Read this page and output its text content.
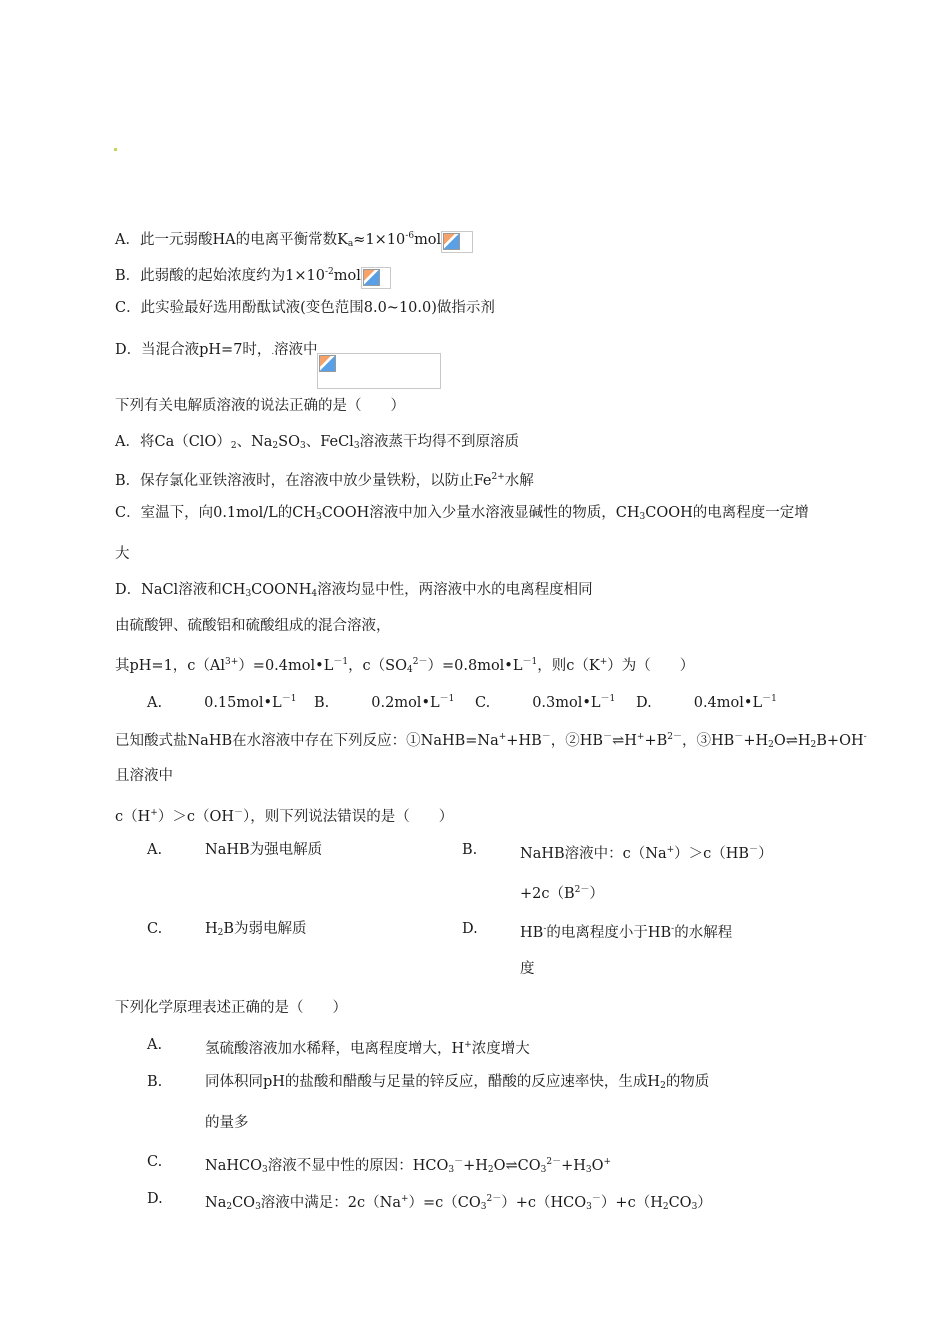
A．此一元弱酸HA的电离平衡常数$K_a\approx 1\times 10^{-6}mol$
B．此弱酸的起始浓度约为$1\times 10^{-2}mol$
C．此实验最好选用酚酞试液(变色范围8.0~10.0)做指示剂
D．当混合液pH=7时，.溶液中
下列有关电解质溶液的说法正确的是（　　）
A．将$Ca(ClO)_2$、$Na_2SO_3$、FeCl$_3$溶液蒸干均得不到原溶质
B．保存氯化亚铁溶液时，在溶液中放少量铁粉，以防止$Fe^{2+}$水解
C．室温下，向0.1mol/L的$CH_3COOH$溶液中加入少量水溶液显碱性的物质，$CH_3COOH$的电离程度一定增
大
D．NaCl溶液和$CH_3COONH_4$溶液均显中性，两溶液中水的电离程度相同
由硫酸钾、硫酸铝和硫酸组成的混合溶液，
其pH=1，$c(Al^{3+})=0.4mol•L^{-1}$，$c(SO_4^{2-})=0.8mol•L^{-1}$，则c（K+）为（　　）
A.	$0.15mol•L^{-1}$ B.	$0.2mol•L^{-1}$ C.	$0.3mol•L^{-1}$ D.	$0.4mol•L^{-1}$
已知酸式盐NaHB在水溶液中存在下列反应：①NaHB=Na++HB－，$②HB^-\rightleftharpoons H^++B^{2-}$，$③HB^-+H_2O\rightleftharpoons H_2B+OH^-$
且溶液中
c（H+）＞c（OH－），则下列说法错误的是（　　）
A.	NaHB为强电解质	B.	NaHB溶液中：c（Na+）＞c（HB－）
$+2c(B^{2-})$
C.	$H_2B$为弱电解质	D.	HB-的电离程度小于HB-的水解程
度
下列化学原理表述正确的是（　　）
A.	氢硫酸溶液加水稀释，电离程度增大，H+浓度增大
B.	同体积同pH的盐酸和醋酸与足量的锌反应，醋酸的反应速率快，生成$H_2$的物质
的量多
C.	NaHCO$_3$溶液不显中性的原因：$HCO_3^-+H_2O\rightleftharpoons CO_3^{2-}+H_3O^+$
D.	$Na_2CO_3$溶液中满足：$2c(Na^+)=c(CO_3^{2-})+c(HCO_3^-)+c(H_2CO_3)$
